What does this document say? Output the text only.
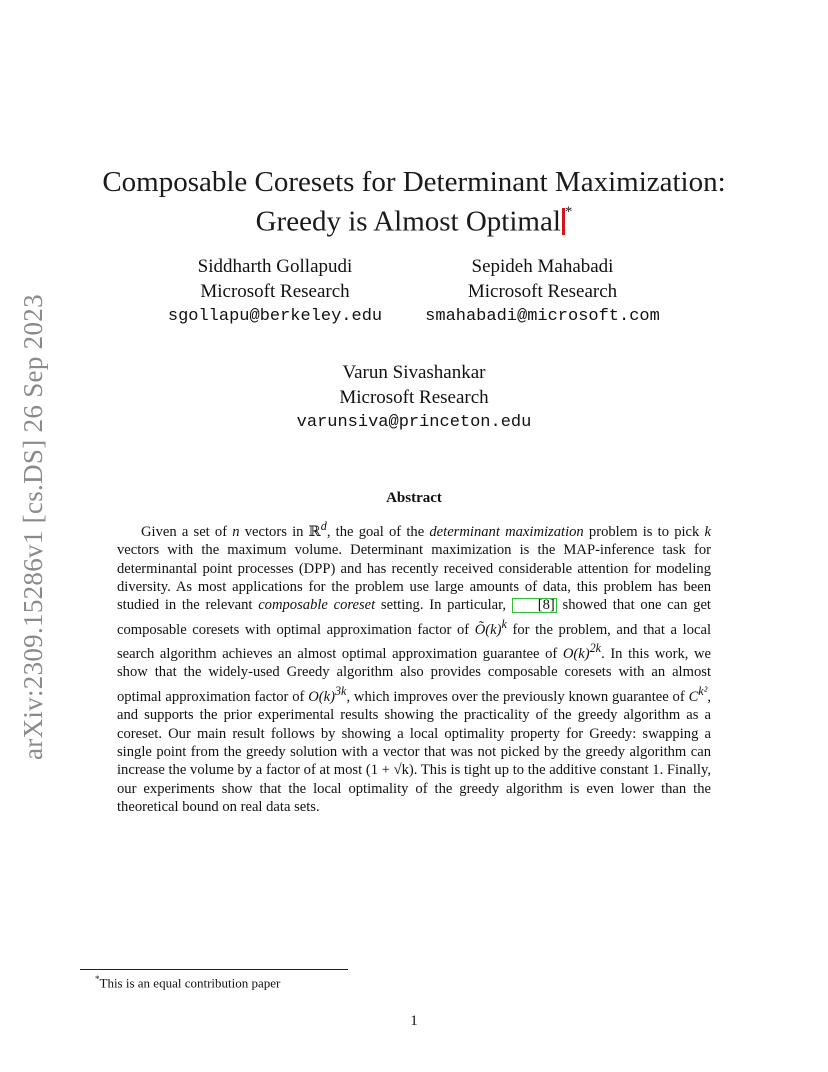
arXiv:2309.15286v1 [cs.DS] 26 Sep 2023
Composable Coresets for Determinant Maximization:
Greedy is Almost Optimal *
Siddharth Gollapudi
Microsoft Research
sgollapu@berkeley.edu
Sepideh Mahabadi
Microsoft Research
smahabadi@microsoft.com
Varun Sivashankar
Microsoft Research
varunsiva@princeton.edu
Abstract

Given a set of n vectors in ℝ$^d$, the goal of the determinant maximization problem is to pick k vectors with the maximum volume. Determinant maximization is the MAP-inference task for determinantal point processes (DPP) and has recently received considerable attention for modeling diversity. As most applications for the problem use large amounts of data, this problem has been studied in the relevant composable coreset setting. In particular, [8] showed that one can get composable coresets with optimal approximation factor of $Õ(k)^k$ for the problem, and that a local search algorithm achieves an almost optimal approximation guarantee of $O(k)^{2k}$. In this work, we show that the widely-used Greedy algorithm also provides composable coresets with an almost optimal approximation factor of $O(k)^{3k}$, which improves over the previously known guarantee of $C^{k^2}$, and supports the prior experimental results showing the practicality of the greedy algorithm as a coreset. Our main result follows by showing a local optimality property for Greedy: swapping a single point from the greedy solution with a vector that was not picked by the greedy algorithm can increase the volume by a factor of at most (1 + √k). This is tight up to the additive constant 1. Finally, our experiments show that the local optimality of the greedy algorithm is even lower than the theoretical bound on real data sets.

*This is an equal contribution paper
1
